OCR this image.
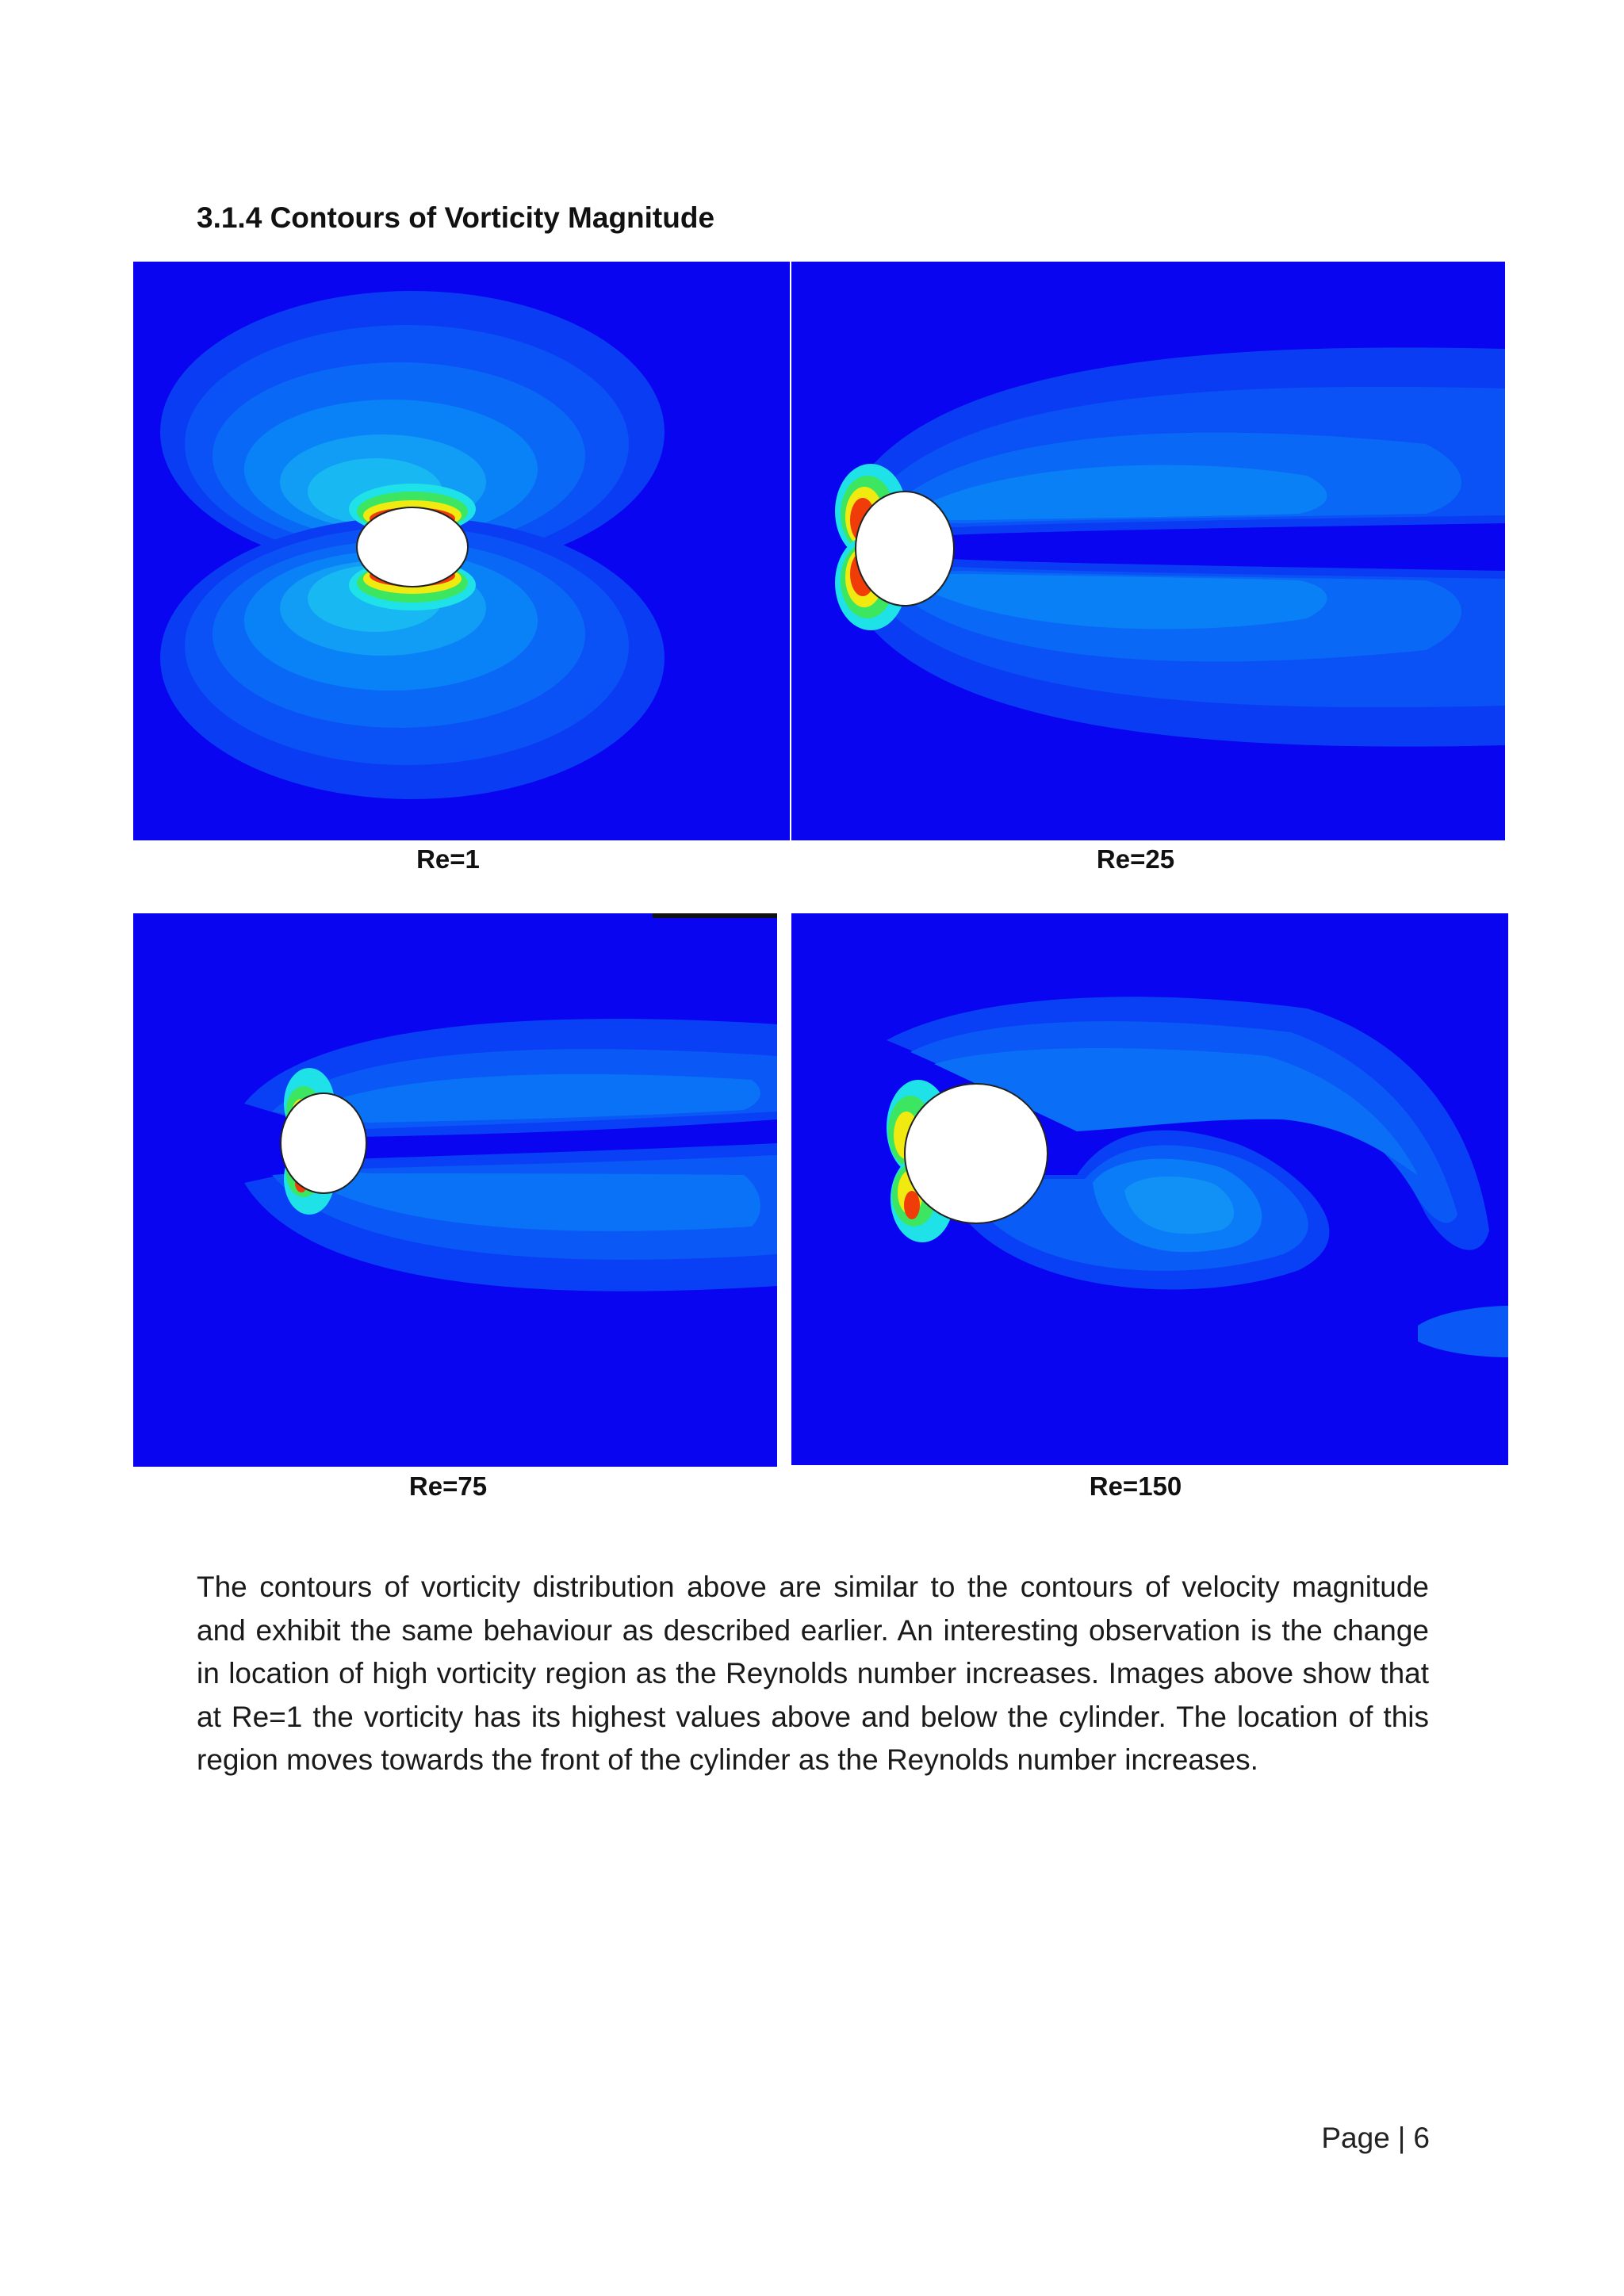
3.1.4 Contours of Vorticity Magnitude
Re=1	Re=25
Re=75	Re=150

The contours of vorticity distribution above are similar to the contours of velocity magnitude and exhibit the same behaviour as described earlier. An interesting observation is the change in location of high vorticity region as the Reynolds number increases. Images above show that at Re=1 the vorticity has its highest values above and below the cylinder. The location of this region moves towards the front of the cylinder as the Reynolds number increases.

Page | 6
